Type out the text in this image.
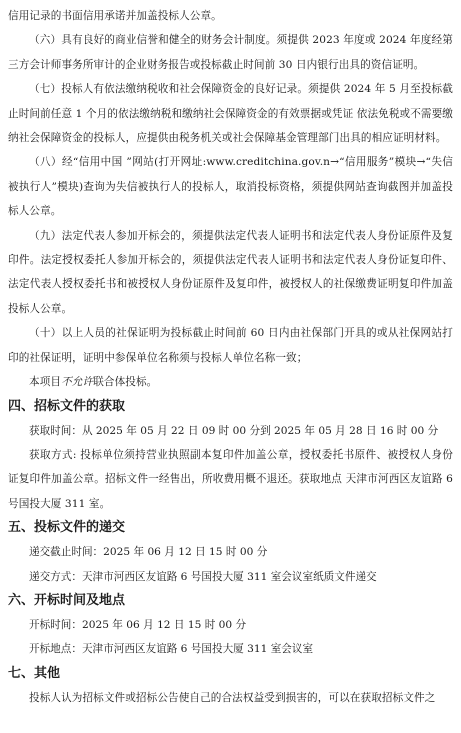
信用记录的书面信用承诺并加盖投标人公章。

（六）具有良好的商业信誉和健全的财务会计制度。须提供 2023 年度或 2024 年度经第三方会计师事务所审计的企业财务报告或投标截止时间前 30 日内银行出具的资信证明。

（七）投标人有依法缴纳税收和社会保障资金的良好记录。须提供 2024 年 5 月至投标截止时间前任意 1 个月的依法缴纳税和缴纳社会保障资金的有效票据或凭证 依法免税或不需要缴纳社会保障资金的投标人，应提供由税务机关或社会保障基金管理部门出具的相应证明材料。

（八）经“信用中国 ”网站(打开网址:www.creditchina.gov.n→“信用服务”模块→“失信被执行人”模块)查询为失信被执行人的投标人，取消投标资格，须提供网站查询截图并加盖投标人公章。

（九）法定代表人参加开标会的，须提供法定代表人证明书和法定代表人身份证原件及复印件。法定授权委托人参加开标会的，须提供法定代表人证明书和法定代表人身份证复印件、法定代表人授权委托书和被授权人身份证原件及复印件，被授权人的社保缴费证明复印件加盖投标人公章。

（十）以上人员的社保证明为投标截止时间前 60 日内由社保部门开具的或从社保网站打印的社保证明，证明中参保单位名称须与投标人单位名称一致；

本项目不允许联合体投标。

四、招标文件的获取

获取时间：从 2025 年 05 月 22 日 09 时 00 分到 2025 年 05 月 28 日 16 时 00 分

获取方式: 投标单位须持营业执照副本复印件加盖公章，授权委托书原件、被授权人身份证复印件加盖公章。招标文件一经售出，所收费用概不退还。获取地点 天津市河西区友谊路 6 号国投大厦 311 室。

五、投标文件的递交

递交截止时间：2025 年 06 月 12 日 15 时 00 分

递交方式：天津市河西区友谊路 6 号国投大厦 311 室会议室纸质文件递交

六、开标时间及地点

开标时间：2025 年 06 月 12 日 15 时 00 分

开标地点：天津市河西区友谊路 6 号国投大厦 311 室会议室

七、其他

投标人认为招标文件或招标公告使自己的合法权益受到损害的，可以在获取招标文件之
